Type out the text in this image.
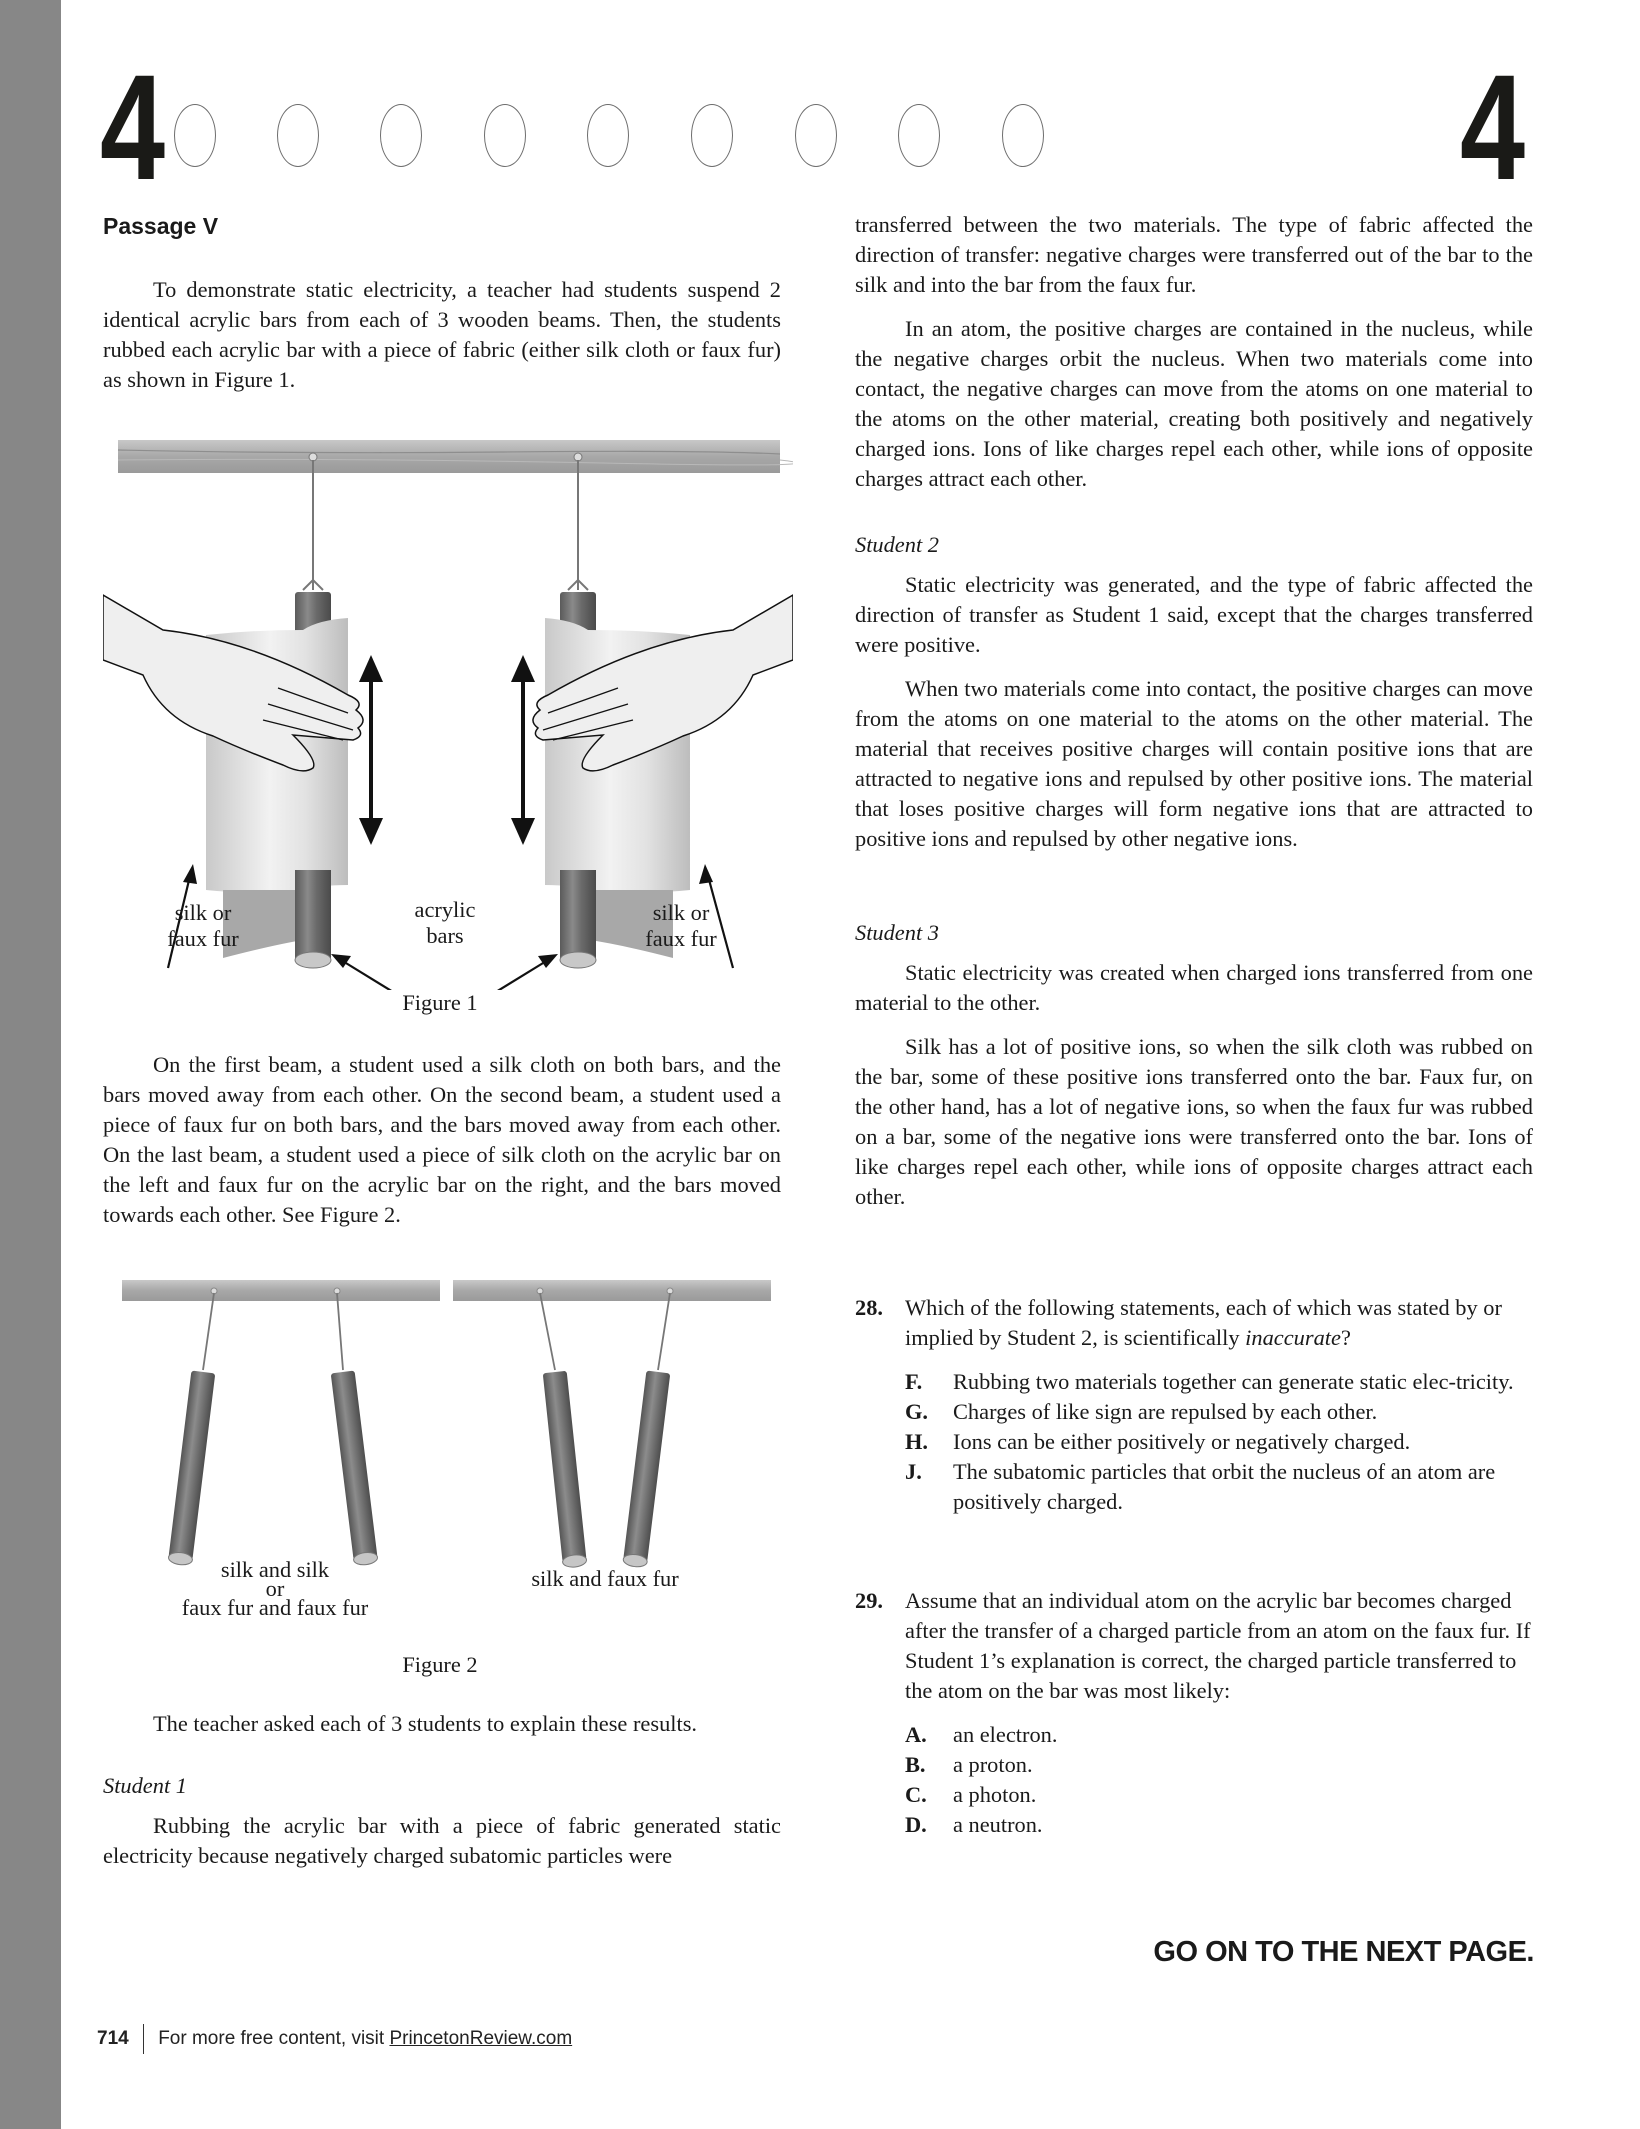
4	4
Passage V

To demonstrate static electricity, a teacher had students suspend 2 identical acrylic bars from each of 3 wooden beams. Then, the students rubbed each acrylic bar with a piece of fabric (either silk cloth or faux fur) as shown in Figure 1.

silk or
faux fur
acrylic
bars
silk or
faux fur
Figure 1

On the first beam, a student used a silk cloth on both bars, and the bars moved away from each other. On the second beam, a student used a piece of faux fur on both bars, and the bars moved away from each other. On the last beam, a student used a piece of silk cloth on the acrylic bar on the left and faux fur on the acrylic bar on the right, and the bars moved towards each other. See Figure 2.

silk and silk
or
faux fur and faux fur
silk and faux fur
Figure 2

The teacher asked each of 3 students to explain these results.

Student 1

Rubbing the acrylic bar with a piece of fabric generated static electricity because negatively charged subatomic particles were

transferred between the two materials. The type of fabric affected the direction of transfer: negative charges were transferred out of the bar to the silk and into the bar from the faux fur.

In an atom, the positive charges are contained in the nucleus, while the negative charges orbit the nucleus. When two materials come into contact, the negative charges can move from the atoms on one material to the atoms on the other material, creating both positively and negatively charged ions. Ions of like charges repel each other, while ions of opposite charges attract each other.

Student 2

Static electricity was generated, and the type of fabric affected the direction of transfer as Student 1 said, except that the charges transferred were positive.

When two materials come into contact, the positive charges can move from the atoms on one material to the atoms on the other material. The material that receives positive charges will contain positive ions that are attracted to negative ions and repulsed by other positive ions. The material that loses positive charges will form negative ions that are attracted to positive ions and repulsed by other negative ions.

Student 3

Static electricity was created when charged ions transferred from one material to the other.

Silk has a lot of positive ions, so when the silk cloth was rubbed on the bar, some of these positive ions transferred onto the bar. Faux fur, on the other hand, has a lot of negative ions, so when the faux fur was rubbed on a bar, some of the negative ions were transferred onto the bar. Ions of like charges repel each other, while ions of opposite charges attract each other.

28. Which of the following statements, each of which was stated by or implied by Student 2, is scientifically inaccurate?
F. Rubbing two materials together can generate static elec-tricity.
G. Charges of like sign are repulsed by each other.
H. Ions can be either positively or negatively charged.
J. The subatomic particles that orbit the nucleus of an atom are positively charged.
29. Assume that an individual atom on the acrylic bar becomes charged after the transfer of a charged particle from an atom on the faux fur. If Student 1’s explanation is correct, the charged particle transferred to the atom on the bar was most likely:
A. an electron.
B. a proton.
C. a photon.
D. a neutron.
GO ON TO THE NEXT PAGE.
714 For more free content, visit
PrincetonReview.com
